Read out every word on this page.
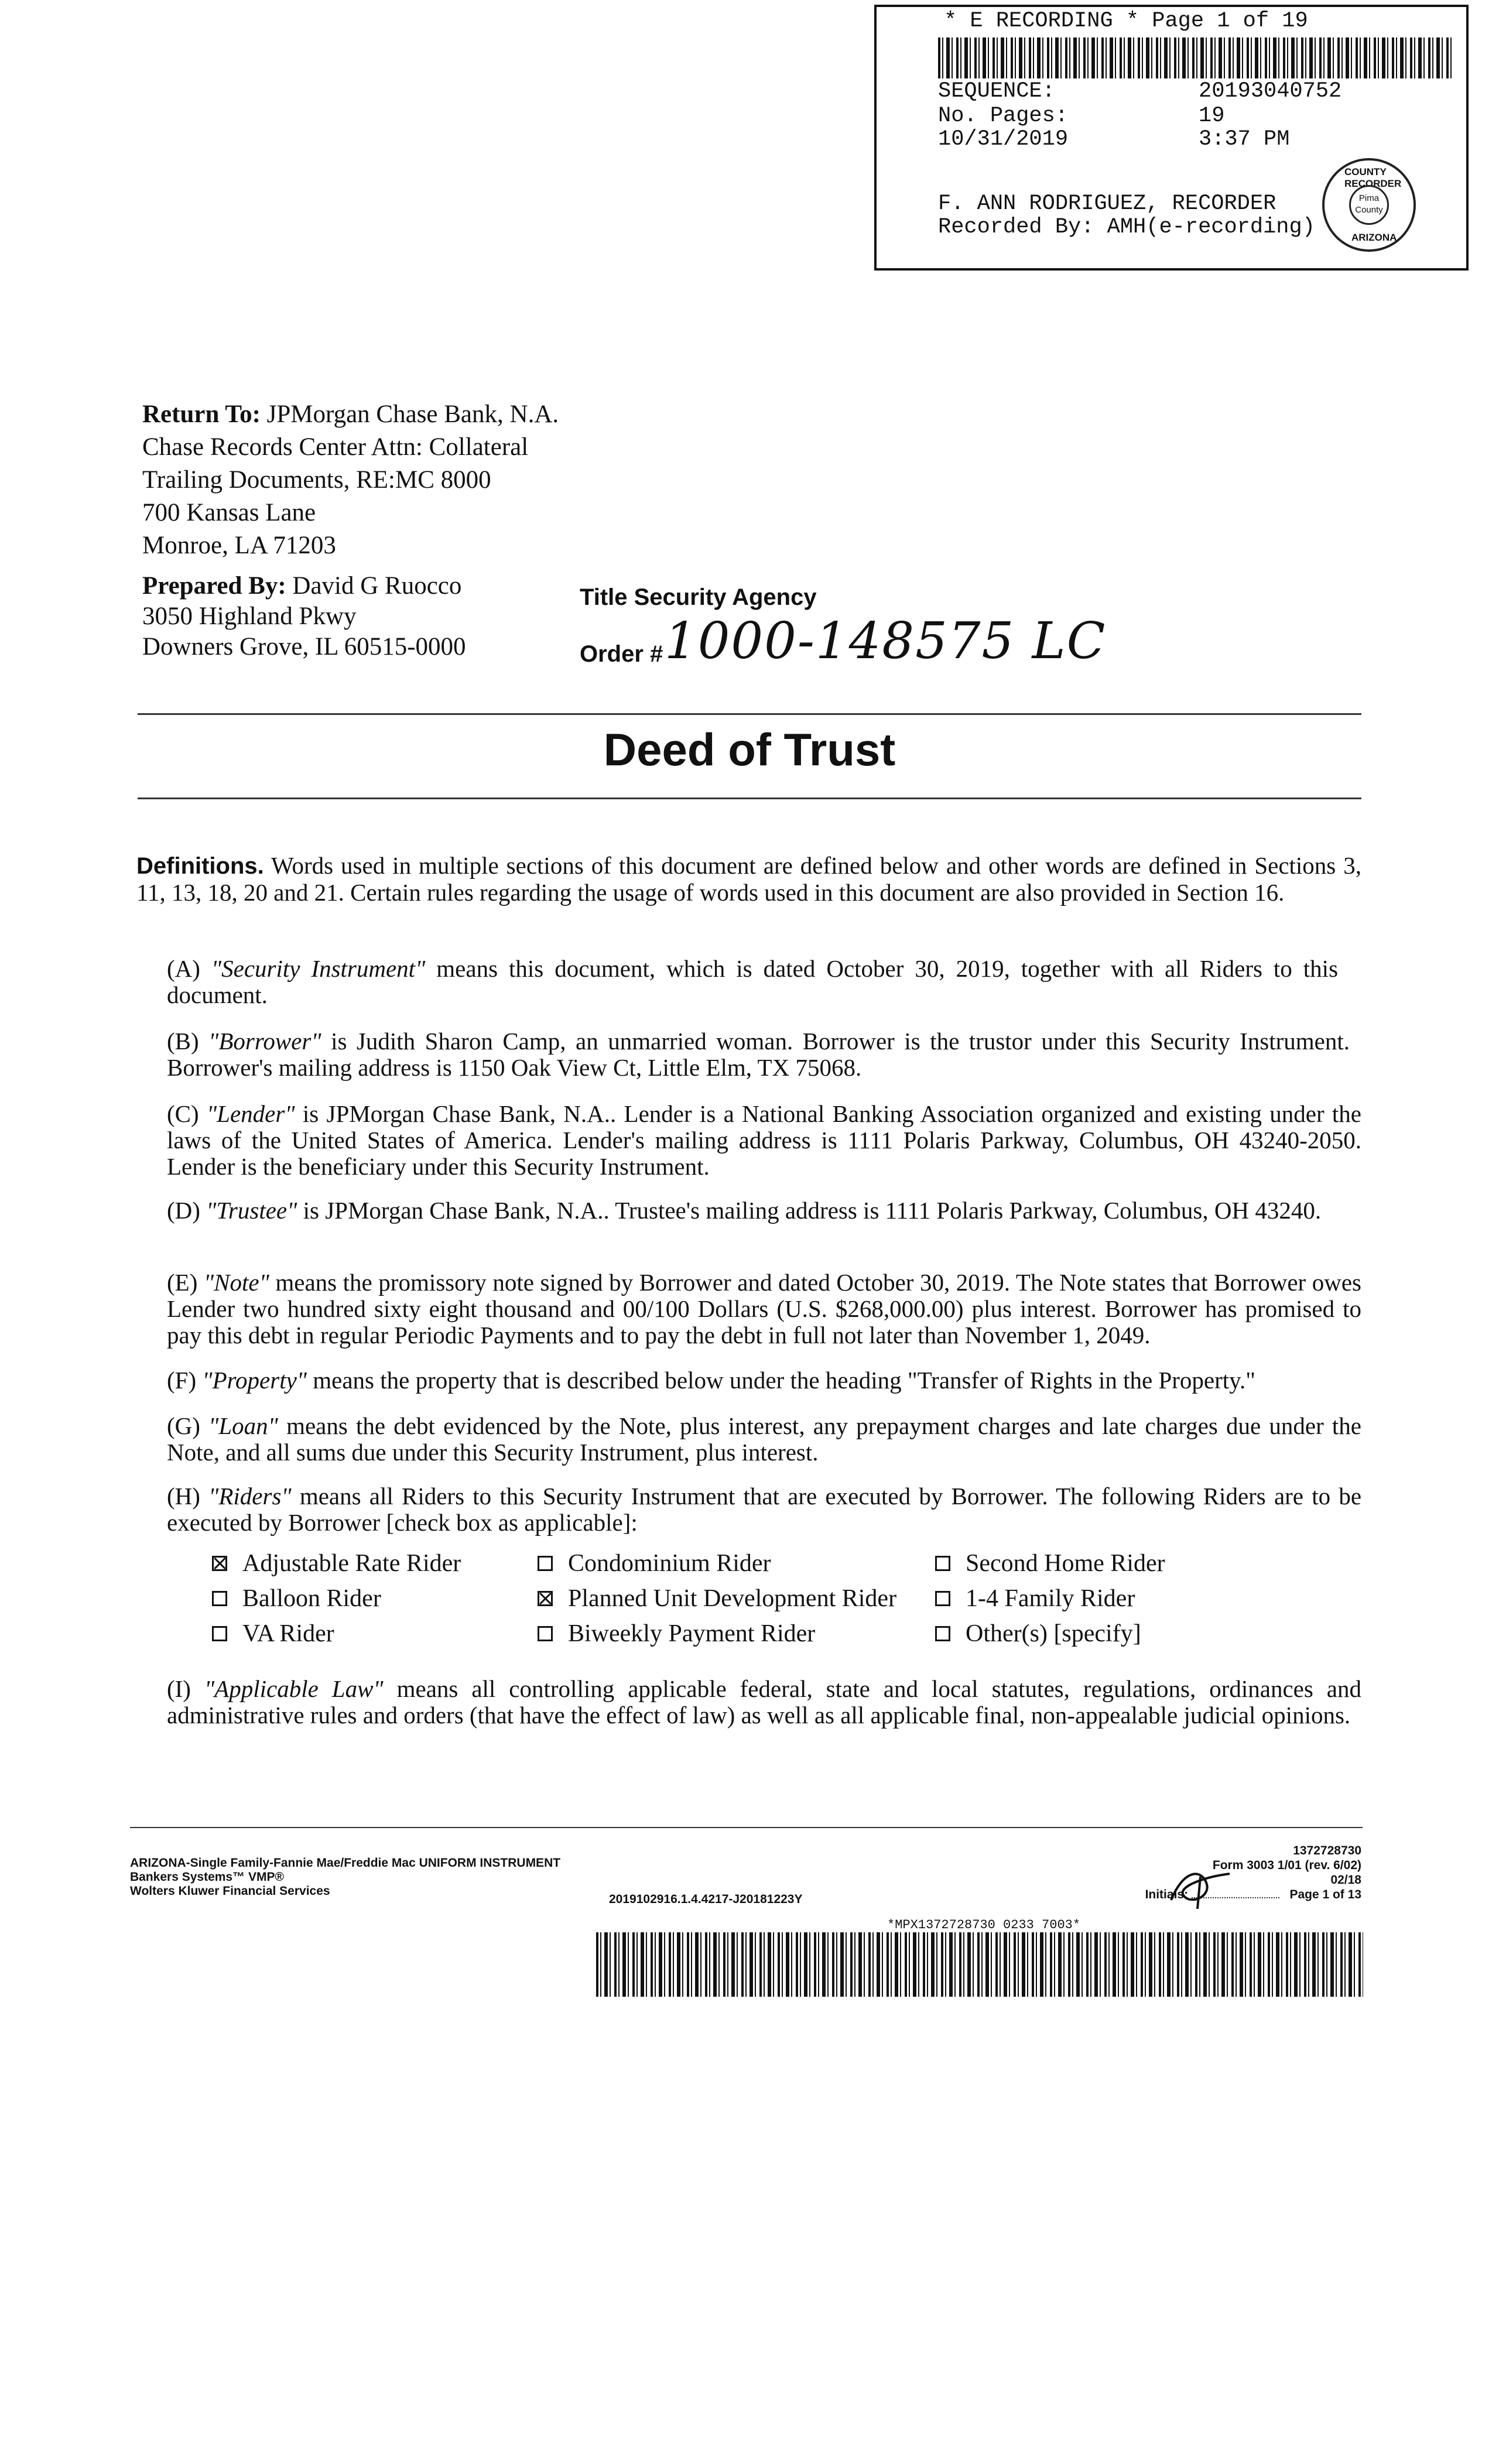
* E RECORDING * Page 1 of 19
SEQUENCE:	20193040752
No. Pages:	19
10/31/2019	3:37 PM
F. ANN RODRIGUEZ, RECORDER
Recorded By: AMH(e-recording)
COUNTY RECORDER
Pima
County
ARIZONA
Return To: JPMorgan Chase Bank, N.A.
Chase Records Center Attn: Collateral
Trailing Documents, RE:MC 8000
700 Kansas Lane
Monroe, LA 71203
Prepared By: David G Ruocco
3050 Highland Pkwy
Downers Grove, IL 60515-0000
Title Security Agency
Order # 1000-148575 LC
Deed of Trust
Definitions. Words used in multiple sections of this document are defined below and other words are defined in Sections 3, 11, 13, 18, 20 and 21. Certain rules regarding the usage of words used in this document are also provided in Section 16.
(A) "Security Instrument" means this document, which is dated October 30, 2019, together with all Riders to this document.
(B) "Borrower" is Judith Sharon Camp, an unmarried woman. Borrower is the trustor under this Security Instrument. Borrower's mailing address is 1150 Oak View Ct, Little Elm, TX 75068.
(C) "Lender" is JPMorgan Chase Bank, N.A.. Lender is a National Banking Association organized and existing under the laws of the United States of America. Lender's mailing address is 1111 Polaris Parkway, Columbus, OH 43240-2050. Lender is the beneficiary under this Security Instrument.
(D) "Trustee" is JPMorgan Chase Bank, N.A.. Trustee's mailing address is 1111 Polaris Parkway, Columbus, OH 43240.
(E) "Note" means the promissory note signed by Borrower and dated October 30, 2019. The Note states that Borrower owes Lender two hundred sixty eight thousand and 00/100 Dollars (U.S. $268,000.00) plus interest. Borrower has promised to pay this debt in regular Periodic Payments and to pay the debt in full not later than November 1, 2049.
(F) "Property" means the property that is described below under the heading "Transfer of Rights in the Property."
(G) "Loan" means the debt evidenced by the Note, plus interest, any prepayment charges and late charges due under the Note, and all sums due under this Security Instrument, plus interest.
(H) "Riders" means all Riders to this Security Instrument that are executed by Borrower. The following Riders are to be executed by Borrower [check box as applicable]:
Adjustable Rate Rider	Condominium Rider	Second Home Rider
Balloon Rider	Planned Unit Development Rider	1-4 Family Rider
VA Rider	Biweekly Payment Rider	Other(s) [specify]
(I) "Applicable Law" means all controlling applicable federal, state and local statutes, regulations, ordinances and administrative rules and orders (that have the effect of law) as well as all applicable final, non-appealable judicial opinions.
ARIZONA-Single Family-Fannie Mae/Freddie Mac UNIFORM INSTRUMENT
Bankers Systems™ VMP®
Wolters Kluwer Financial Services
2019102916.1.4.4217-J20181223Y
1372728730
Form 3003 1/01 (rev. 6/02)
02/18
Initials:	Page 1 of 13
*MPX1372728730 0233 7003*
